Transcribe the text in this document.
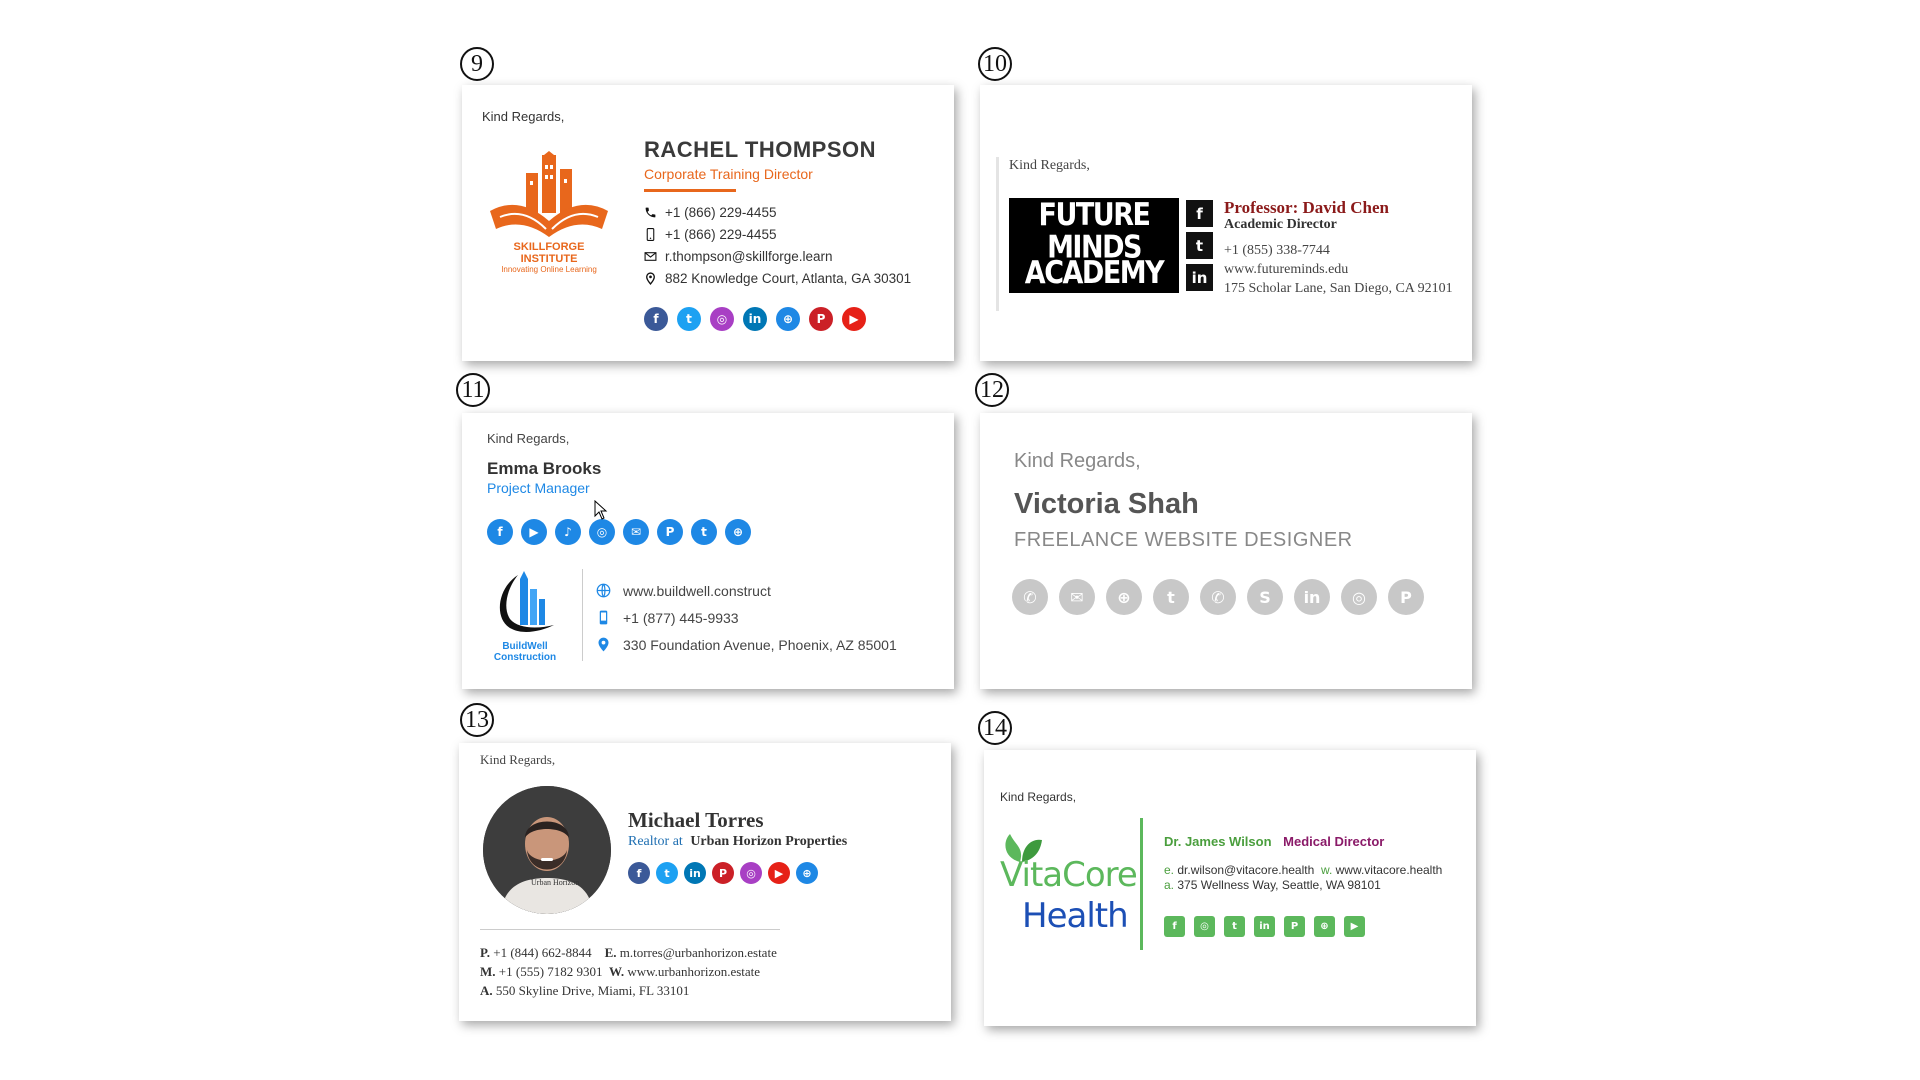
9	10
11	12
13	14
Kind Regards,
SKILLFORGE INSTITUTE
Innovating Online Learning
RACHEL THOMPSON
Corporate Training Director
+1 (866) 229-4455
+1 (866) 229-4455
r.thompson@skillforge.learn
882 Knowledge Court, Atlanta, GA 30301
f	t	◎	in	⊕	P	▶
Kind Regards,
FUTURE MINDS
ACADEMY
f
t
in
Professor: David Chen
Academic Director
+1 (855) 338-7744
www.futureminds.edu
175 Scholar Lane, San Diego, CA 92101
Kind Regards,
Emma Brooks
Project Manager
f	▶	♪	◎	✉	P	t	⊕
BuildWell
Construction
www.buildwell.construct
+1 (877) 445-9933
330 Foundation Avenue, Phoenix, AZ 85001
Kind Regards,
Victoria Shah
FREELANCE WEBSITE DESIGNER
✆	✉	⊕	t	✆	S	in	◎	P
Kind Regards,
Urban Horizon
Michael Torres
Realtor at Urban Horizon Properties
f	t	in	P	◎	▶	⊕
P. +1 (844) 662-8844 E. m.torres@urbanhorizon.estate
M. +1 (555) 7182 9301 W. www.urbanhorizon.estate
A. 550 Skyline Drive, Miami, FL 33101
Kind Regards,
VitaCore
Health
Dr. James Wilson Medical Director
e. dr.wilson@vitacore.health w. www.vitacore.health
a. 375 Wellness Way, Seattle, WA 98101
f	◎	t	in	P	⊕	▶
